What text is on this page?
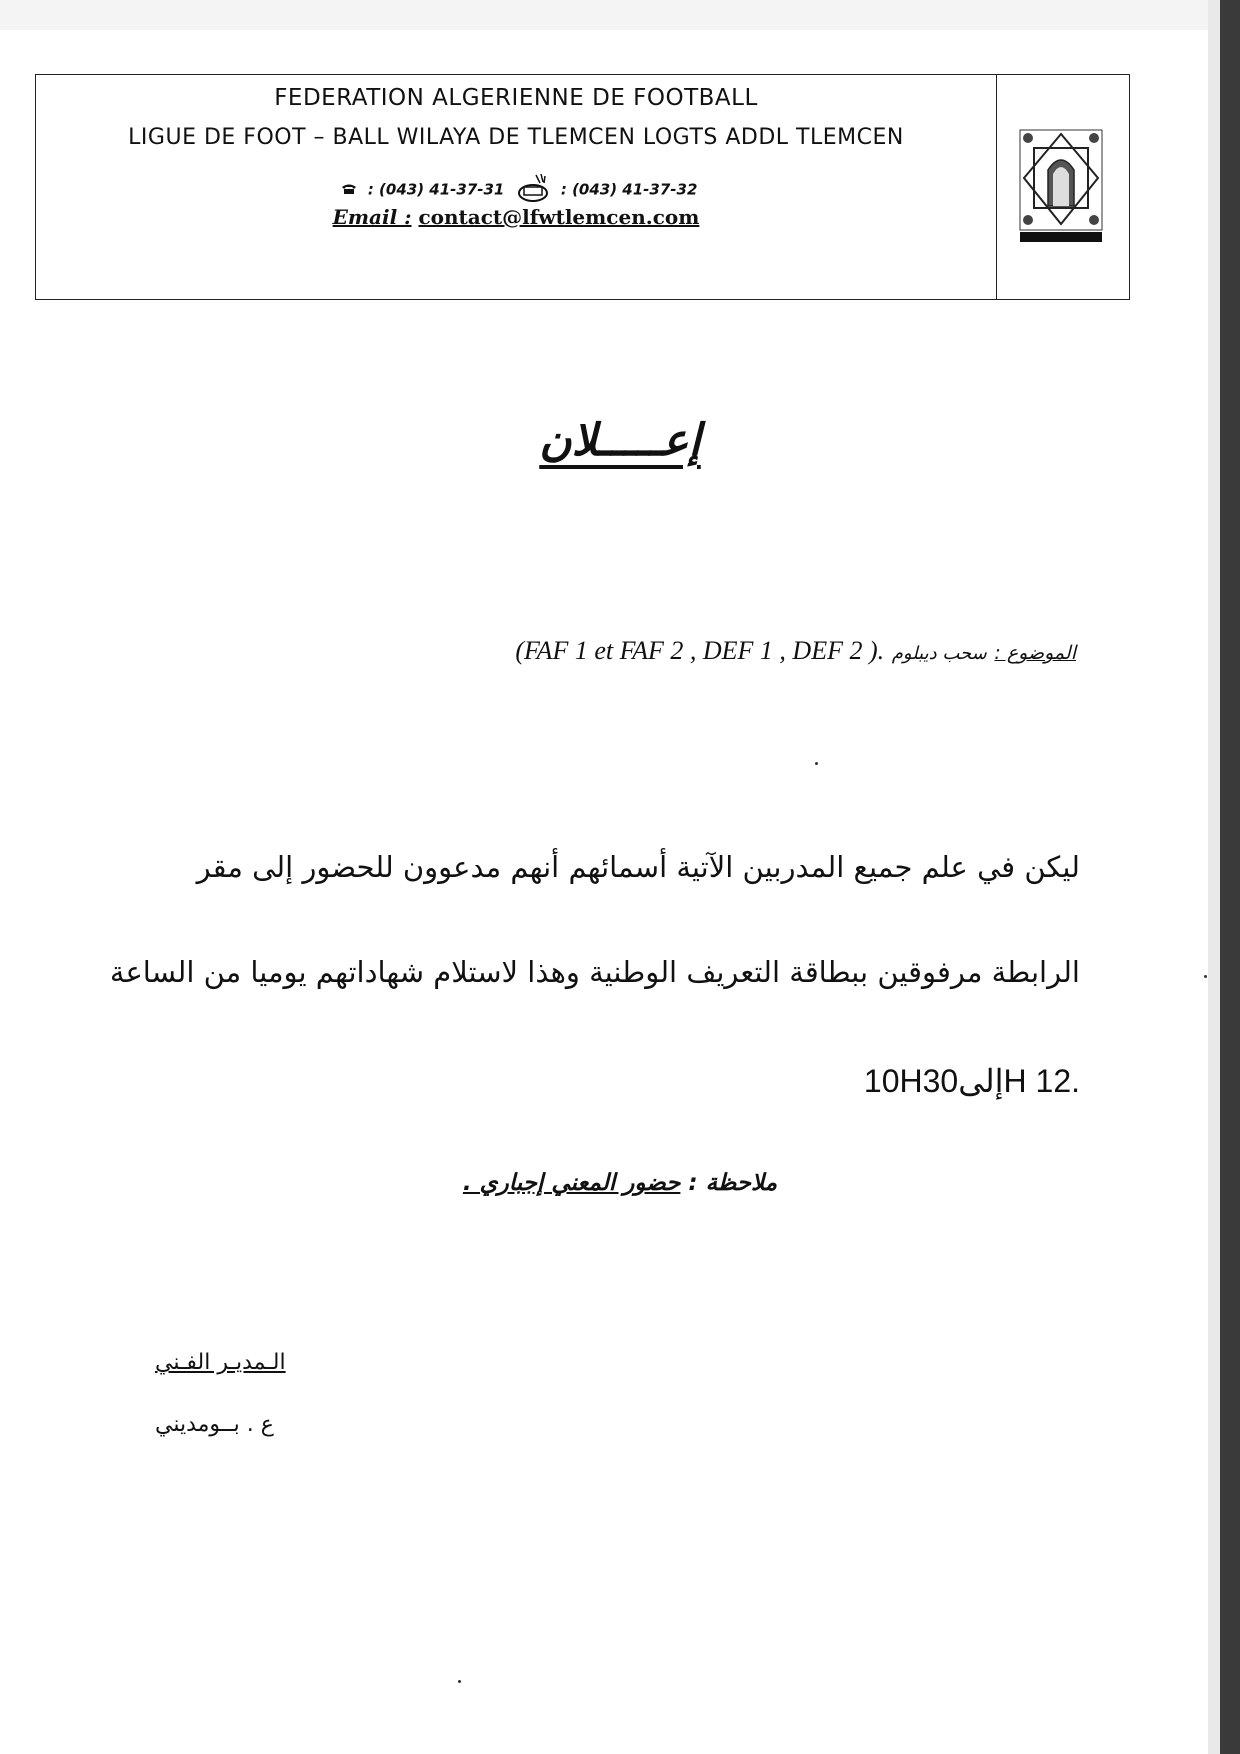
FEDERATION ALGERIENNE DE FOOTBALL
LIGUE DE FOOT – BALL WILAYA DE TLEMCEN LOGTS ADDL TLEMCEN
: (043) 41-37-31	: (043) 41-37-32
Email : contact@lfwtlemcen.com
إعـــــلان
الموضوع : سحب ديبلوم .( FAF 1 et FAF 2 , DEF 1 , DEF 2)
ليكن في علم جميع المدربين الآتية أسمائهم أنهم مدعوون للحضور إلى مقر
الرابطة مرفوقين ببطاقة التعريف الوطنية وهذا لاستلام شهاداتهم يوميا من الساعة
10H30إلىH 12.
ملاحظة : حضور المعني إجباري .
الـمديـر الفـني
ع . بــومديني
